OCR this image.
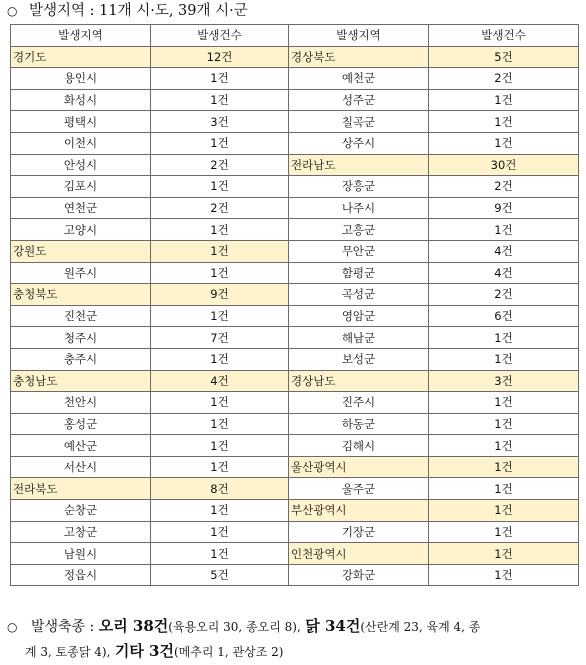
○ 발생지역 : 11개 시·도, 39개 시·군
발생지역	발생건수	발생지역	발생건수
경기도	12건	경상북도	5건
용인시	1건	예천군	2건
화성시	1건	성주군	1건
평택시	3건	칠곡군	1건
이천시	1건	상주시	1건
안성시	2건	전라남도	30건
김포시	1건	장흥군	2건
연천군	2건	나주시	9건
고양시	1건	고흥군	1건
강원도	1건	무안군	4건
원주시	1건	함평군	4건
충청북도	9건	곡성군	2건
진천군	1건	영암군	6건
청주시	7건	해남군	1건
충주시	1건	보성군	1건
충청남도	4건	경상남도	3건
천안시	1건	진주시	1건
홍성군	1건	하동군	1건
예산군	1건	김해시	1건
서산시	1건	울산광역시	1건
전라북도	8건	울주군	1건
순창군	1건	부산광역시	1건
고창군	1건	기장군	1건
남원시	1건	인천광역시	1건
정읍시	5건	강화군	1건
○ 발생축종 : 오리 38건(육용오리 30, 종오리 8), 닭 34건(산란계 23, 육계 4, 종
계 3, 토종닭 4), 기타 3건(메추리 1, 관상조 2)
